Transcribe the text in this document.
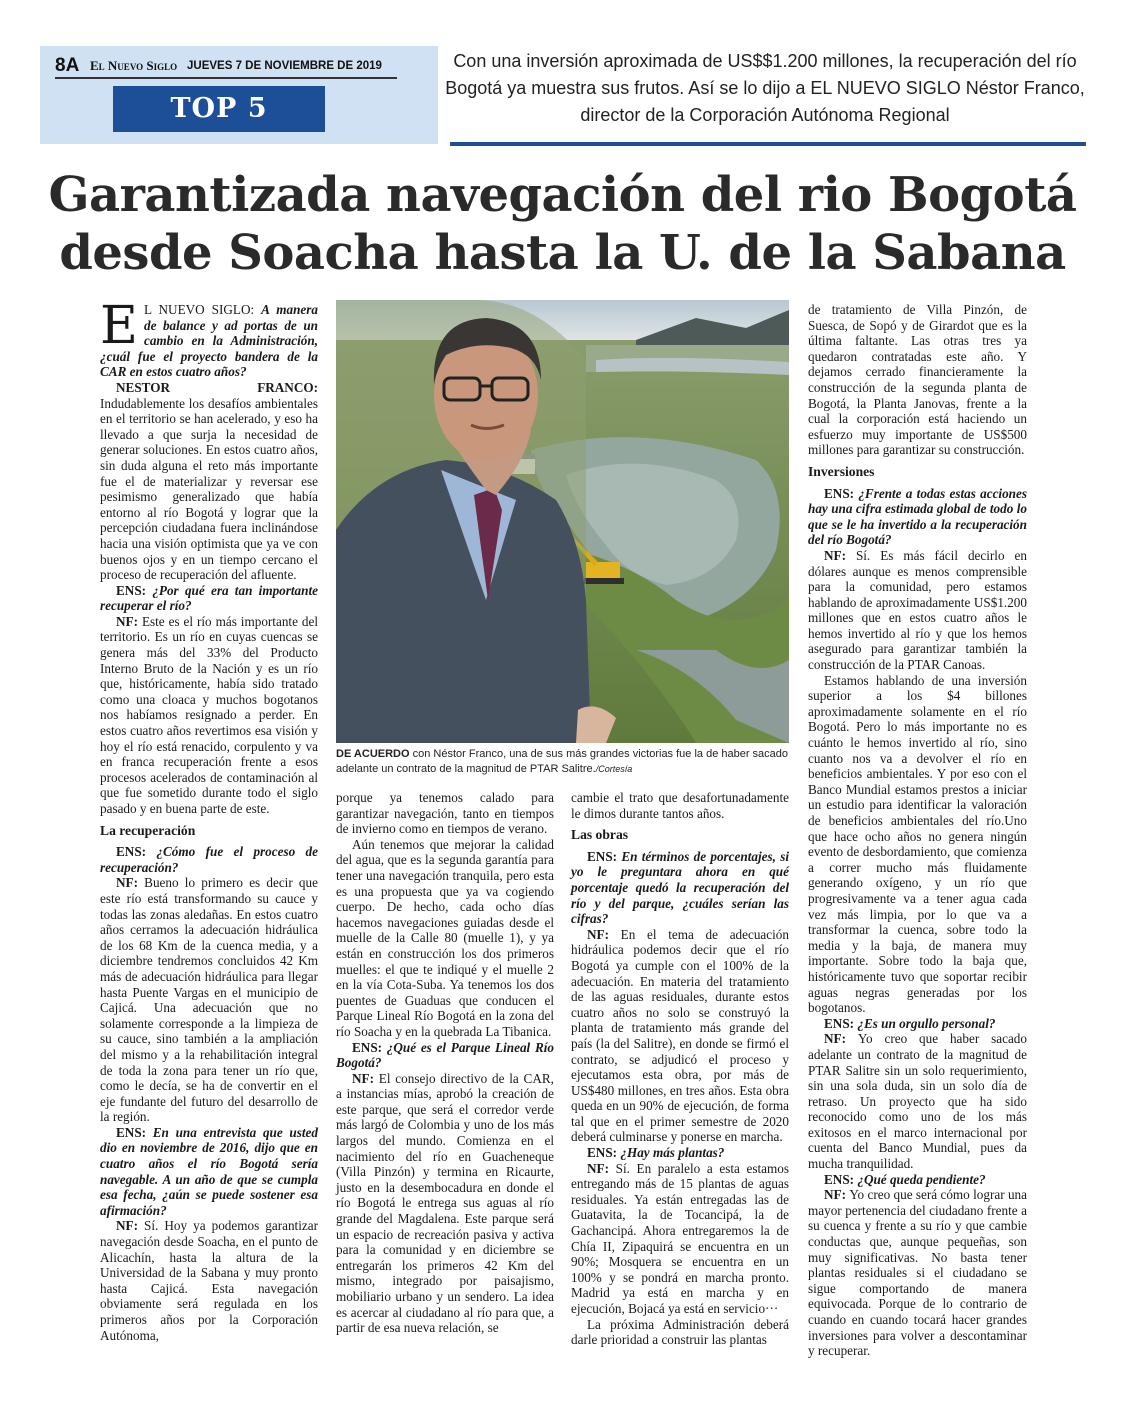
8A El Nuevo Siglo JUEVES 7 DE NOVIEMBRE DE 2019
TOP 5
Con una inversión aproximada de US$$1.200 millones, la recuperación del río Bogotá ya muestra sus frutos. Así se lo dijo a EL NUEVO SIGLO Néstor Franco, director de la Corporación Autónoma Regional
Garantizada navegación del rio Bogotá
desde Soacha hasta la U. de la Sabana

E L NUEVO SIGLO: A manera de balance y ad portas de un cambio en la Administración, ¿cuál fue el proyecto bandera de la CAR en estos cuatro años?

NESTOR FRANCO: Indudablemente los desafíos ambientales en el territorio se han acelerado, y eso ha llevado a que surja la necesidad de generar soluciones. En estos cuatro años, sin duda alguna el reto más importante fue el de materializar y reversar ese pesimismo generalizado que había entorno al río Bogotá y lograr que la percepción ciudadana fuera inclinándose hacia una visión optimista que ya ve con buenos ojos y en un tiempo cercano el proceso de recuperación del afluente.

ENS: ¿Por qué era tan importante recuperar el río?

NF: Este es el río más importante del territorio. Es un río en cuyas cuencas se genera más del 33% del Producto Interno Bruto de la Nación y es un río que, históricamente, había sido tratado como una cloaca y muchos bogotanos nos habíamos resignado a perder. En estos cuatro años revertimos esa visión y hoy el río está renacido, corpulento y va en franca recuperación frente a esos procesos acelerados de contaminación al que fue sometido durante todo el siglo pasado y en buena parte de este.

La recuperación

ENS: ¿Cómo fue el proceso de recuperación?

NF: Bueno lo primero es decir que este río está transformando su cauce y todas las zonas aledañas. En estos cuatro años cerramos la adecuación hidráulica de los 68 Km de la cuenca media, y a diciembre tendremos concluidos 42 Km más de adecuación hidráulica para llegar hasta Puente Vargas en el municipio de Cajicá. Una adecuación que no solamente corresponde a la limpieza de su cauce, sino también a la ampliación del mismo y a la rehabilitación integral de toda la zona para tener un río que, como le decía, se ha de convertir en el eje fundante del futuro del desarrollo de la región.

ENS: En una entrevista que usted dio en noviembre de 2016, dijo que en cuatro años el río Bogotá sería navegable. A un año de que se cumpla esa fecha, ¿aún se puede sostener esa afirmación?

NF: Sí. Hoy ya podemos garantizar navegación desde Soacha, en el punto de Alicachín, hasta la altura de la Universidad de la Sabana y muy pronto hasta Cajicá. Esta navegación obviamente será regulada en los primeros años por la Corporación Autónoma,

DE ACUERDO con Néstor Franco, una de sus más grandes victorias fue la de haber sacado adelante un contrato de la magnitud de PTAR Salitre./Cortesía

porque ya tenemos calado para garantizar navegación, tanto en tiempos de invierno como en tiempos de verano.

Aún tenemos que mejorar la calidad del agua, que es la segunda garantía para tener una navegación tranquila, pero esta es una propuesta que ya va cogiendo cuerpo. De hecho, cada ocho días hacemos navegaciones guiadas desde el muelle de la Calle 80 (muelle 1), y ya están en construcción los dos primeros muelles: el que te indiqué y el muelle 2 en la vía Cota-Suba. Ya tenemos los dos puentes de Guaduas que conducen el Parque Lineal Río Bogotá en la zona del río Soacha y en la quebrada La Tibanica.

ENS: ¿Qué es el Parque Lineal Río Bogotá?

NF: El consejo directivo de la CAR, a instancias mías, aprobó la creación de este parque, que será el corredor verde más largó de Colombia y uno de los más largos del mundo. Comienza en el nacimiento del río en Guacheneque (Villa Pinzón) y termina en Ricaurte, justo en la desembocadura en donde el río Bogotá le entrega sus aguas al río grande del Magdalena. Este parque será un espacio de recreación pasiva y activa para la comunidad y en diciembre se entregarán los primeros 42 Km del mismo, integrado por paisajismo, mobiliario urbano y un sendero. La idea es acercar al ciudadano al río para que, a partir de esa nueva relación, se

cambie el trato que desafortunadamente le dimos durante tantos años.

Las obras

ENS: En términos de porcentajes, si yo le preguntara ahora en qué porcentaje quedó la recuperación del río y del parque, ¿cuáles serían las cifras?

NF: En el tema de adecuación hidráulica podemos decir que el río Bogotá ya cumple con el 100% de la adecuación. En materia del tratamiento de las aguas residuales, durante estos cuatro años no solo se construyó la planta de tratamiento más grande del país (la del Salitre), en donde se firmó el contrato, se adjudicó el proceso y ejecutamos esta obra, por más de US$480 millones, en tres años. Esta obra queda en un 90% de ejecución, de forma tal que en el primer semestre de 2020 deberá culminarse y ponerse en marcha.

ENS: ¿Hay más plantas?

NF: Sí. En paralelo a esta estamos entregando más de 15 plantas de aguas residuales. Ya están entregadas las de Guatavita, la de Tocancipá, la de Gachancipá. Ahora entregaremos la de Chía II, Zipaquirá se encuentra en un 90%; Mosquera se encuentra en un 100% y se pondrá en marcha pronto. Madrid ya está en marcha y en ejecución, Bojacá ya está en servicio···

La próxima Administración deberá darle prioridad a construir las plantas

de tratamiento de Villa Pinzón, de Suesca, de Sopó y de Girardot que es la última faltante. Las otras tres ya quedaron contratadas este año. Y dejamos cerrado financieramente la construcción de la segunda planta de Bogotá, la Planta Janovas, frente a la cual la corporación está haciendo un esfuerzo muy importante de US$500 millones para garantizar su construcción.

Inversiones

ENS: ¿Frente a todas estas acciones hay una cifra estimada global de todo lo que se le ha invertido a la recuperación del río Bogotá?

NF: Sí. Es más fácil decirlo en dólares aunque es menos comprensible para la comunidad, pero estamos hablando de aproximadamente US$1.200 millones que en estos cuatro años le hemos invertido al río y que los hemos asegurado para garantizar también la construcción de la PTAR Canoas.

Estamos hablando de una inversión superior a los $4 billones aproximadamente solamente en el río Bogotá. Pero lo más importante no es cuánto le hemos invertido al río, sino cuanto nos va a devolver el río en beneficios ambientales. Y por eso con el Banco Mundial estamos prestos a iniciar un estudio para identificar la valoración de beneficios ambientales del río.Uno que hace ocho años no genera ningún evento de desbordamiento, que comienza a correr mucho más fluidamente generando oxígeno, y un río que progresivamente va a tener agua cada vez más limpia, por lo que va a transformar la cuenca, sobre todo la media y la baja, de manera muy importante. Sobre todo la baja que, históricamente tuvo que soportar recibir aguas negras generadas por los bogotanos.

ENS: ¿Es un orgullo personal?

NF: Yo creo que haber sacado adelante un contrato de la magnitud de PTAR Salitre sin un solo requerimiento, sin una sola duda, sin un solo día de retraso. Un proyecto que ha sido reconocido como uno de los más exitosos en el marco internacional por cuenta del Banco Mundial, pues da mucha tranquilidad.

ENS: ¿Qué queda pendiente?

NF: Yo creo que será cómo lograr una mayor pertenencia del ciudadano frente a su cuenca y frente a su río y que cambie conductas que, aunque pequeñas, son muy significativas. No basta tener plantas residuales si el ciudadano se sigue comportando de manera equivocada. Porque de lo contrario de cuando en cuando tocará hacer grandes inversiones para volver a descontaminar y recuperar.
